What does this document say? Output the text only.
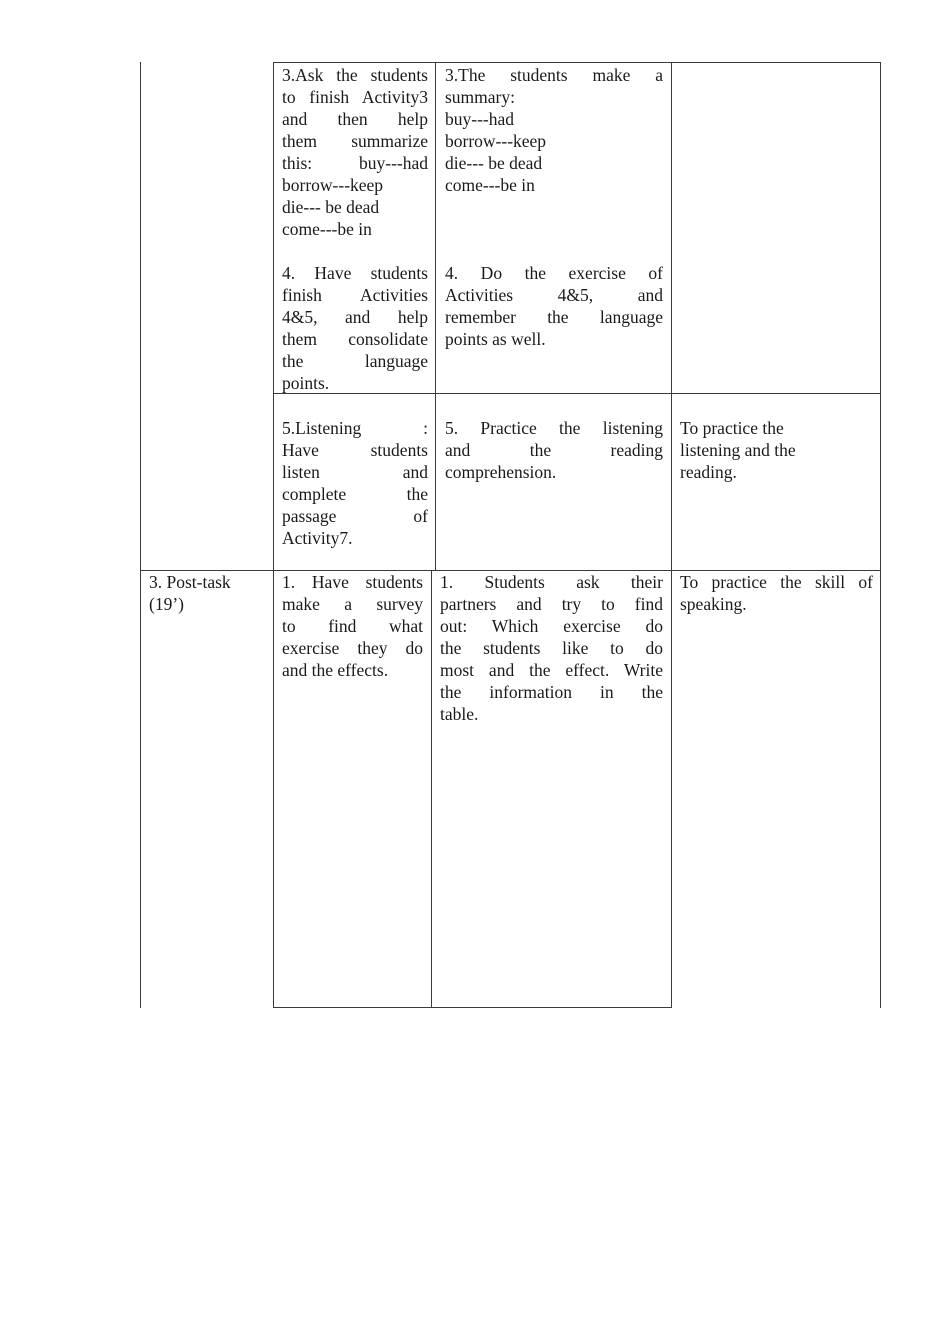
3.Ask the students
to finish Activity3
and then help
them summarize
this: buy---had
borrow---keep
die--- be dead
come---be in
4. Have students
finish Activities
4&5, and help
them consolidate
the language
points.
3.The students make a
summary:
buy---had
borrow---keep
die--- be dead
come---be in
4. Do the exercise of
Activities 4&5, and
remember the language
points as well.
5.Listening :
Have students
listen and
complete the
passage of
Activity7.
5. Practice the listening
and the reading
comprehension.
To practice the
listening and the
reading.
3. Post-task
(19’)
1. Have students
make a survey
to find what
exercise they do
and the effects.
1. Students ask their
partners and try to find
out: Which exercise do
the students like to do
most and the effect. Write
the information in the
table.
To practice the skill of
speaking.
